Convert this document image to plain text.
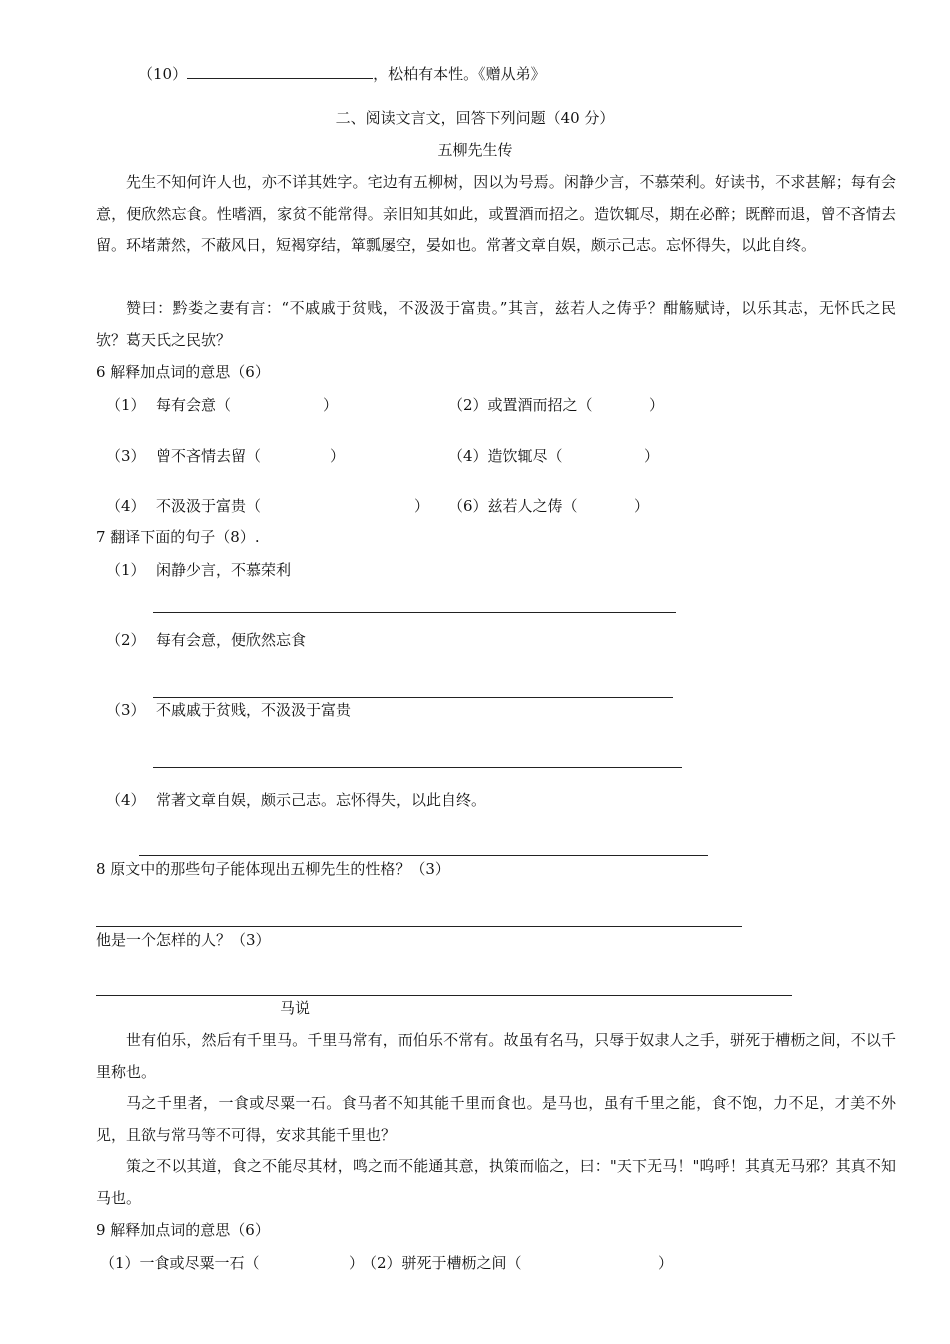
（10）	，松柏有本性。《赠从弟》
二、阅读文言文，回答下列问题（40 分）
五柳先生传
先生不知何许人也，亦不详其姓字。宅边有五柳树，因以为号焉。闲静少言，不慕荣利。好读书，不求甚解；每有会意，便欣然忘食。性嗜酒，家贫不能常得。亲旧知其如此，或置酒而招之。造饮辄尽，期在必醉；既醉而退，曾不吝情去留。环堵萧然，不蔽风日，短褐穿结，箪瓢屡空，晏如也。常著文章自娱，颇示己志。忘怀得失，以此自终。
赞曰：黔娄之妻有言：“不戚戚于贫贱，不汲汲于富贵。”其言，兹若人之俦乎？酣觞赋诗，以乐其志，无怀氏之民欤？葛天氏之民欤？
6 解释加点词的意思（6）
（1） 每有会意（	）	（2）或置酒而招之（	）
（3） 曾不吝情去留（	）	（4）造饮辄尽（	）
（4） 不汲汲于富贵（	） （6）兹若人之俦（	）
7 翻译下面的句子（8）.
（1） 闲静少言，不慕荣利
（2） 每有会意，便欣然忘食
（3） 不戚戚于贫贱，不汲汲于富贵
（4） 常著文章自娱，颇示己志。忘怀得失，以此自终。
8 原文中的那些句子能体现出五柳先生的性格？（3）
他是一个怎样的人？（3）
马说
世有伯乐，然后有千里马。千里马常有，而伯乐不常有。故虽有名马，只辱于奴隶人之手，骈死于槽枥之间，不以千里称也。
马之千里者，一食或尽粟一石。食马者不知其能千里而食也。是马也，虽有千里之能，食不饱，力不足，才美不外见，且欲与常马等不可得，安求其能千里也？
策之不以其道，食之不能尽其材，鸣之而不能通其意，执策而临之，曰："天下无马！"呜呼！其真无马邪？其真不知马也。
9 解释加点词的意思（6）
（1）一食或尽粟一石（	）
（2）骈死于槽枥之间（	）
